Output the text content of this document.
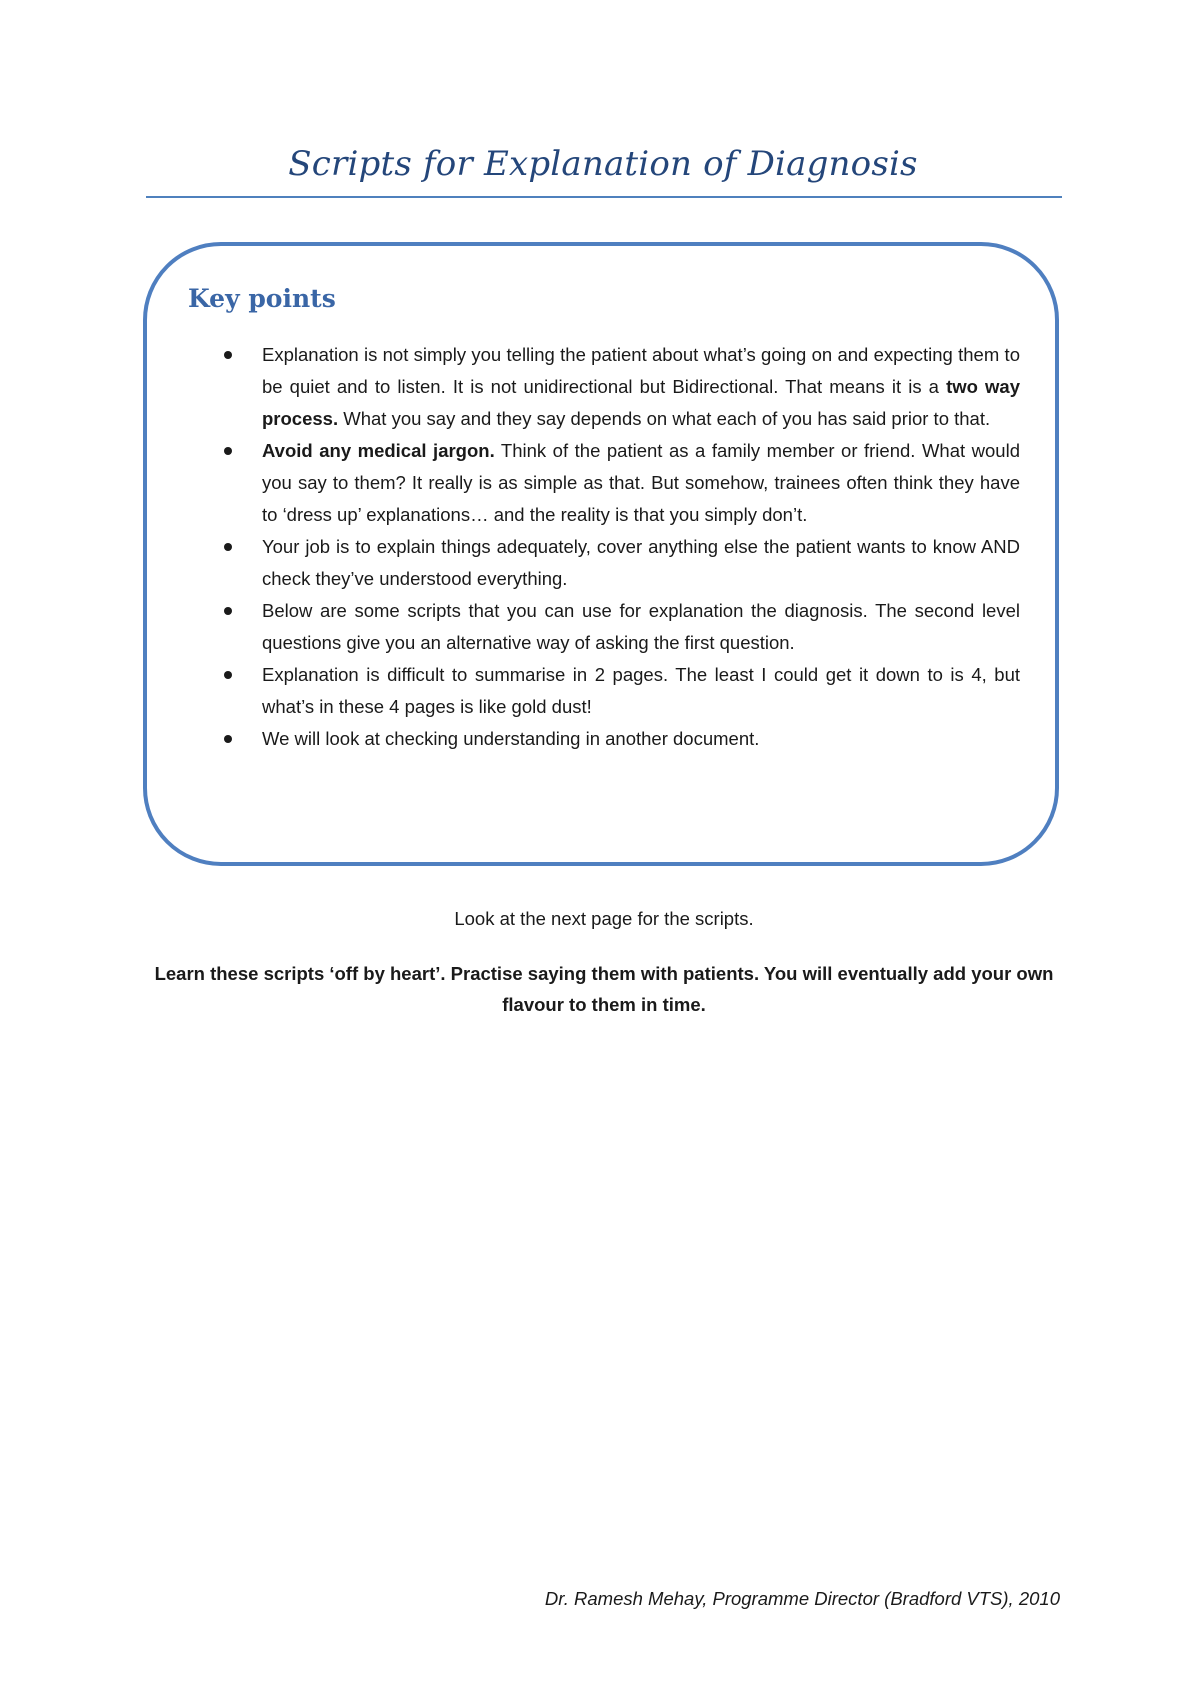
Scripts for Explanation of Diagnosis
Key points
Explanation is not simply you telling the patient about what’s going on and expecting them to be quiet and to listen. It is not unidirectional but Bidirectional. That means it is a two way process. What you say and they say depends on what each of you has said prior to that.
Avoid any medical jargon. Think of the patient as a family member or friend. What would you say to them? It really is as simple as that. But somehow, trainees often think they have to ‘dress up’ explanations… and the reality is that you simply don’t.
Your job is to explain things adequately, cover anything else the patient wants to know AND check they’ve understood everything.
Below are some scripts that you can use for explanation the diagnosis. The second level questions give you an alternative way of asking the first question.
Explanation is difficult to summarise in 2 pages. The least I could get it down to is 4, but what’s in these 4 pages is like gold dust!
We will look at checking understanding in another document.

Look at the next page for the scripts.

Learn these scripts ‘off by heart’. Practise saying them with patients. You will eventually add your own flavour to them in time.

Dr. Ramesh Mehay, Programme Director (Bradford VTS), 2010
